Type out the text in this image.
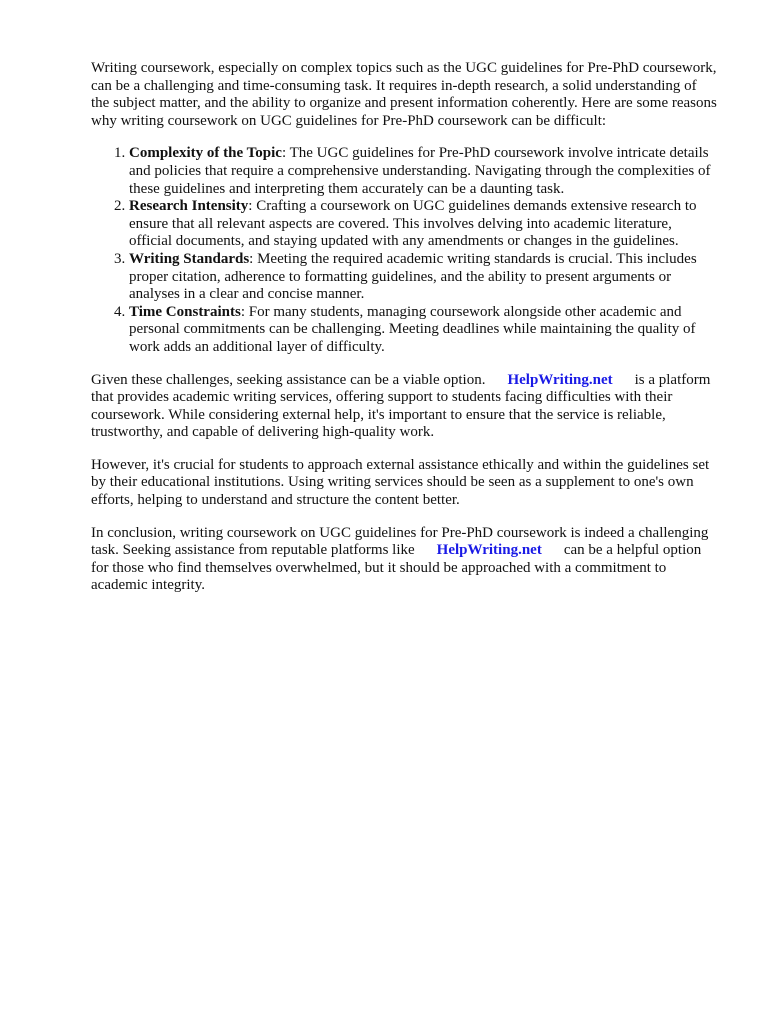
Writing coursework, especially on complex topics such as the UGC guidelines for Pre-PhD coursework, can be a challenging and time-consuming task. It requires in-depth research, a solid understanding of the subject matter, and the ability to organize and present information coherently. Here are some reasons why writing coursework on UGC guidelines for Pre-PhD coursework can be difficult:

1. Complexity of the Topic: The UGC guidelines for Pre-PhD coursework involve intricate details and policies that require a comprehensive understanding. Navigating through the complexities of these guidelines and interpreting them accurately can be a daunting task.
2. Research Intensity: Crafting a coursework on UGC guidelines demands extensive research to ensure that all relevant aspects are covered. This involves delving into academic literature, official documents, and staying updated with any amendments or changes in the guidelines.
3. Writing Standards: Meeting the required academic writing standards is crucial. This includes proper citation, adherence to formatting guidelines, and the ability to present arguments or analyses in a clear and concise manner.
4. Time Constraints: For many students, managing coursework alongside other academic and personal commitments can be challenging. Meeting deadlines while maintaining the quality of work adds an additional layer of difficulty.

Given these challenges, seeking assistance can be a viable option. HelpWriting.net is a platform that provides academic writing services, offering support to students facing difficulties with their coursework. While considering external help, it's important to ensure that the service is reliable, trustworthy, and capable of delivering high-quality work.

However, it's crucial for students to approach external assistance ethically and within the guidelines set by their educational institutions. Using writing services should be seen as a supplement to one's own efforts, helping to understand and structure the content better.

In conclusion, writing coursework on UGC guidelines for Pre-PhD coursework is indeed a challenging task. Seeking assistance from reputable platforms like HelpWriting.net can be a helpful option for those who find themselves overwhelmed, but it should be approached with a commitment to academic integrity.
